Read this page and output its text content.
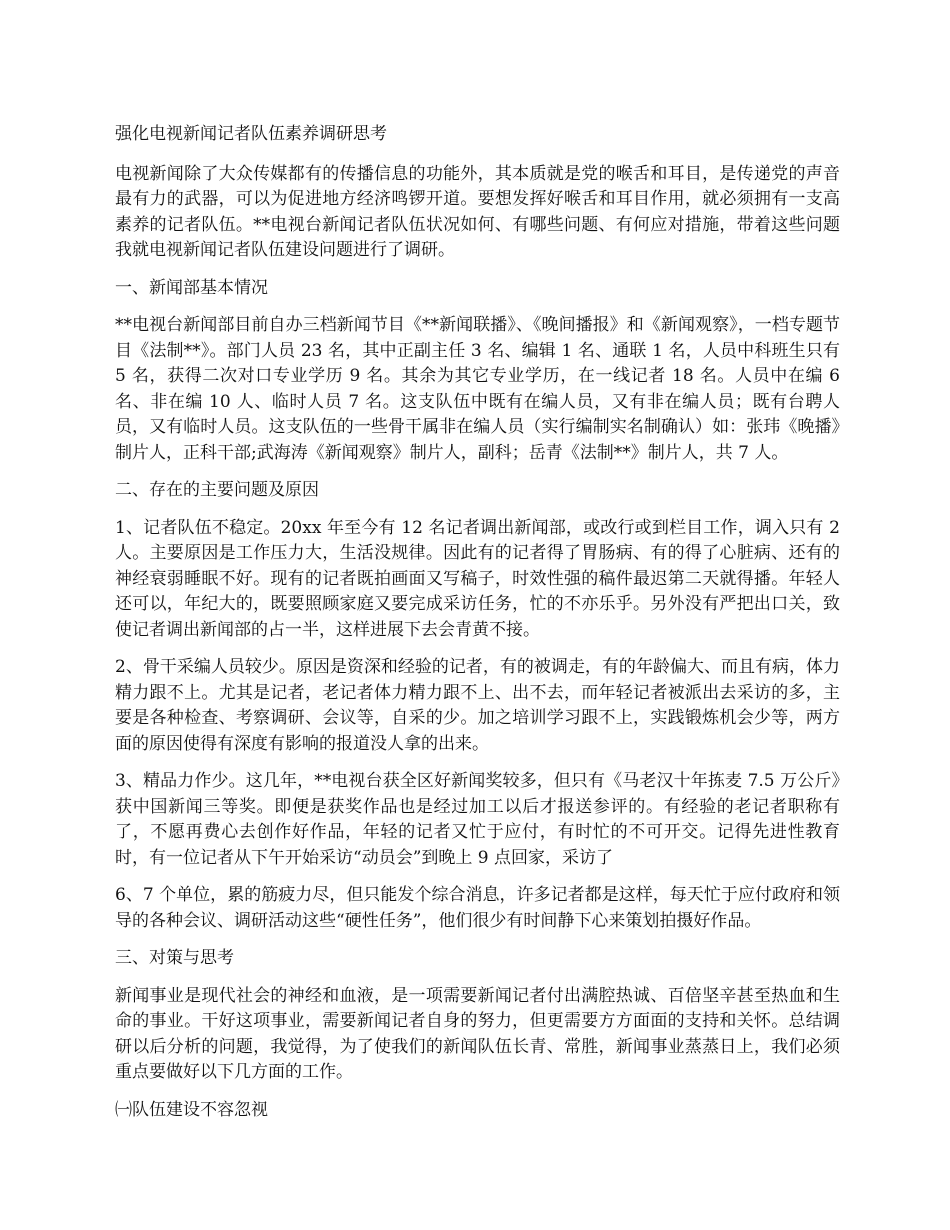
强化电视新闻记者队伍素养调研思考

电视新闻除了大众传媒都有的传播信息的功能外，其本质就是党的喉舌和耳目，是传递党的声音最有力的武器，可以为促进地方经济鸣锣开道。要想发挥好喉舌和耳目作用，就必须拥有一支高素养的记者队伍。**电视台新闻记者队伍状况如何、有哪些问题、有何应对措施，带着这些问题我就电视新闻记者队伍建设问题进行了调研。

一、新闻部基本情况

**电视台新闻部目前自办三档新闻节目《**新闻联播》、《晚间播报》和《新闻观察》，一档专题节目《法制**》。部门人员 23 名，其中正副主任 3 名、编辑 1 名、通联 1 名，人员中科班生只有 5 名，获得二次对口专业学历 9 名。其余为其它专业学历，在一线记者 18 名。人员中在编 6 名、非在编 10 人、临时人员 7 名。这支队伍中既有在编人员，又有非在编人员；既有台聘人员，又有临时人员。这支队伍的一些骨干属非在编人员（实行编制实名制确认）如：张玮《晚播》制片人，正科干部;武海涛《新闻观察》制片人，副科；岳青《法制**》制片人，共 7 人。

二、存在的主要问题及原因

1、记者队伍不稳定。20xx 年至今有 12 名记者调出新闻部，或改行或到栏目工作，调入只有 2 人。主要原因是工作压力大，生活没规律。因此有的记者得了胃肠病、有的得了心脏病、还有的神经衰弱睡眠不好。现有的记者既拍画面又写稿子，时效性强的稿件最迟第二天就得播。年轻人还可以，年纪大的，既要照顾家庭又要完成采访任务，忙的不亦乐乎。另外没有严把出口关，致使记者调出新闻部的占一半，这样进展下去会青黄不接。

2、骨干采编人员较少。原因是资深和经验的记者，有的被调走，有的年龄偏大、而且有病，体力精力跟不上。尤其是记者，老记者体力精力跟不上、出不去，而年轻记者被派出去采访的多，主要是各种检查、考察调研、会议等，自采的少。加之培训学习跟不上，实践锻炼机会少等，两方面的原因使得有深度有影响的报道没人拿的出来。

3、精品力作少。这几年，**电视台获全区好新闻奖较多，但只有《马老汉十年拣麦 7.5 万公斤》获中国新闻三等奖。即便是获奖作品也是经过加工以后才报送参评的。有经验的老记者职称有了，不愿再费心去创作好作品，年轻的记者又忙于应付，有时忙的不可开交。记得先进性教育时，有一位记者从下午开始采访“动员会”到晚上 9 点回家，采访了

6、7 个单位，累的筋疲力尽，但只能发个综合消息，许多记者都是这样，每天忙于应付政府和领导的各种会议、调研活动这些“硬性任务”，他们很少有时间静下心来策划拍摄好作品。

三、对策与思考

新闻事业是现代社会的神经和血液，是一项需要新闻记者付出满腔热诚、百倍坚辛甚至热血和生命的事业。干好这项事业，需要新闻记者自身的努力，但更需要方方面面的支持和关怀。总结调研以后分析的问题，我觉得，为了使我们的新闻队伍长青、常胜，新闻事业蒸蒸日上，我们必须重点要做好以下几方面的工作。

㈠队伍建设不容忽视
